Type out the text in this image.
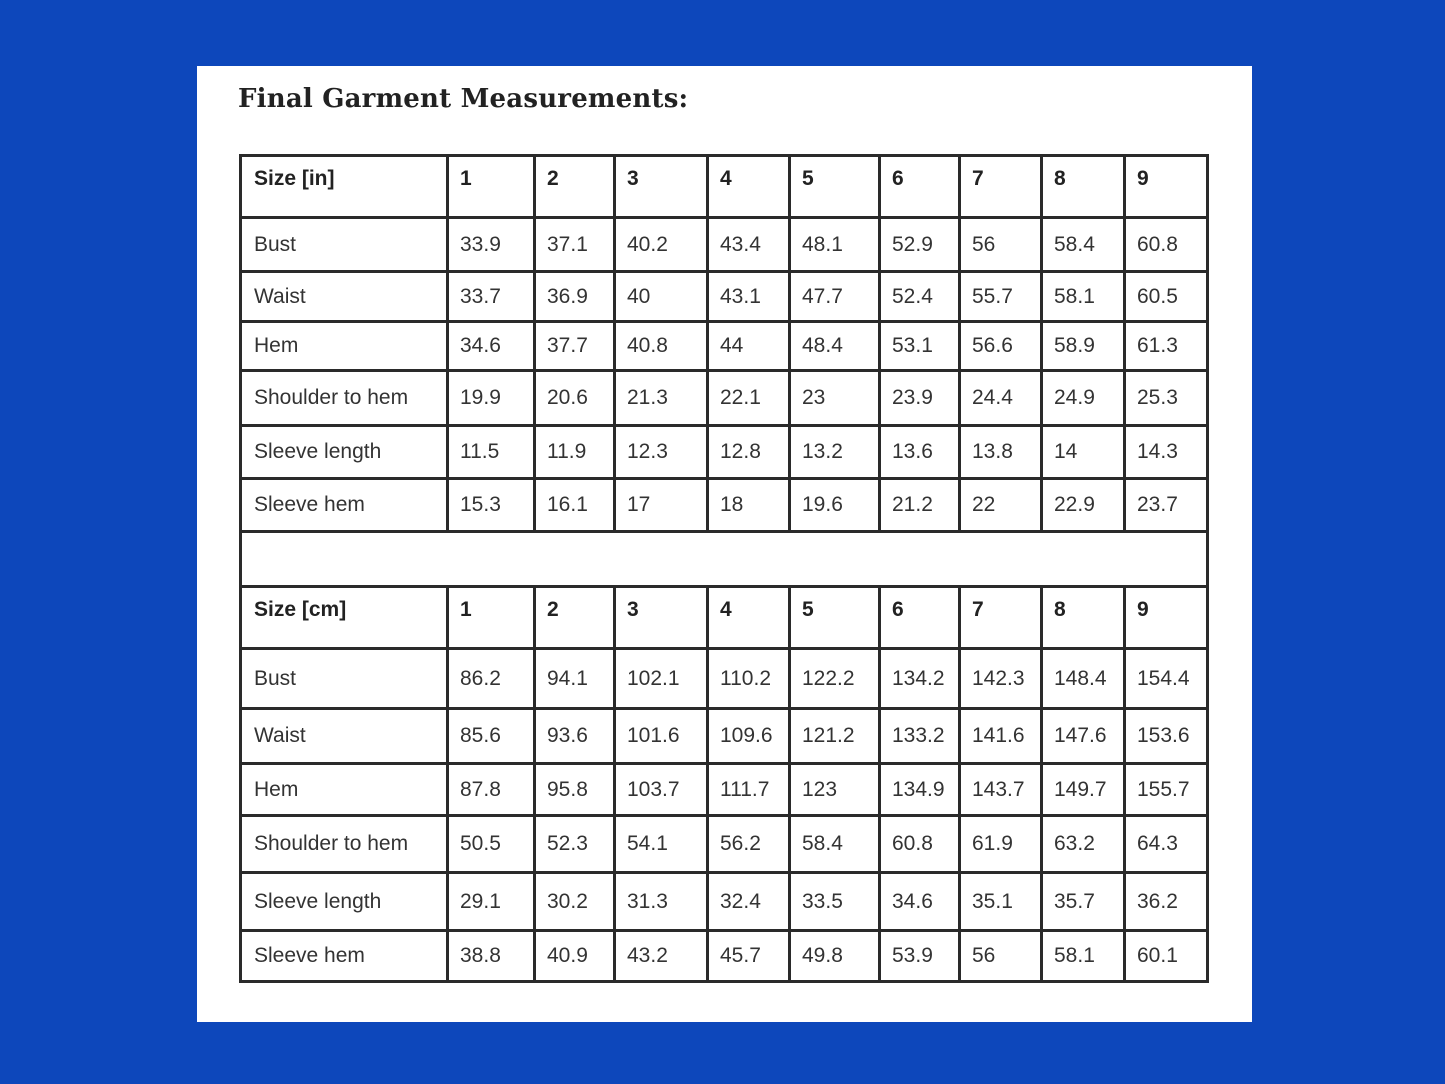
Final Garment Measurements:
Size [in]	1	2	3	4	5	6	7	8	9
Bust	33.9	37.1	40.2	43.4	48.1	52.9	56	58.4	60.8
Waist	33.7	36.9	40	43.1	47.7	52.4	55.7	58.1	60.5
Hem	34.6	37.7	40.8	44	48.4	53.1	56.6	58.9	61.3
Shoulder to hem	19.9	20.6	21.3	22.1	23	23.9	24.4	24.9	25.3
Sleeve length	11.5	11.9	12.3	12.8	13.2	13.6	13.8	14	14.3
Sleeve hem	15.3	16.1	17	18	19.6	21.2	22	22.9	23.7

Size [cm]	1	2	3	4	5	6	7	8	9
Bust	86.2	94.1	102.1	110.2	122.2	134.2	142.3	148.4	154.4
Waist	85.6	93.6	101.6	109.6	121.2	133.2	141.6	147.6	153.6
Hem	87.8	95.8	103.7	111.7	123	134.9	143.7	149.7	155.7
Shoulder to hem	50.5	52.3	54.1	56.2	58.4	60.8	61.9	63.2	64.3
Sleeve length	29.1	30.2	31.3	32.4	33.5	34.6	35.1	35.7	36.2
Sleeve hem	38.8	40.9	43.2	45.7	49.8	53.9	56	58.1	60.1
